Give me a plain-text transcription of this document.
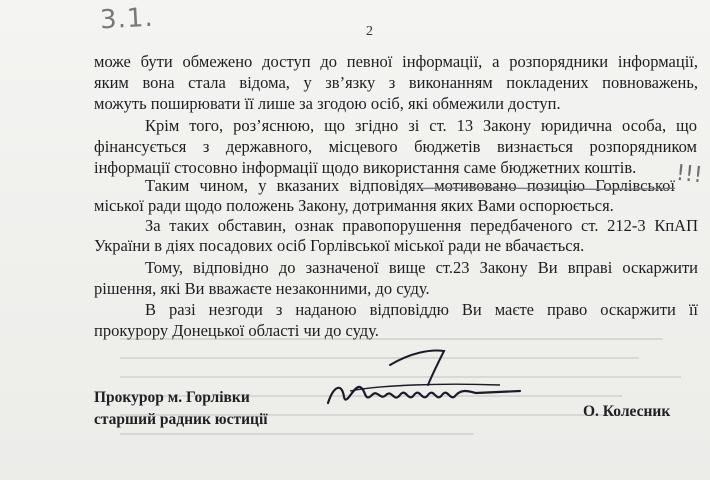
3.1.	2
може бути обмежено доступ до певної інформації, а розпорядники інформації,
яким вона стала відома, у зв’язку з виконанням покладених повноважень,
можуть поширювати її лише за згодою осіб, які обмежили доступ.
Крім того, роз’яснюю, що згідно зі ст. 13 Закону юридична особа, що
фінансується з державного, місцевого бюджетів визнається розпорядником
інформації стосовно інформації щодо використання саме бюджетних коштів.
Таким чином, у вказаних відповідях мотивовано позицію Горлівської
міської ради щодо положень Закону, дотримання яких Вами оспорюється.
!!!
За таких обставин, ознак правопорушення передбаченого ст. 212-3 КпАП
України в діях посадових осіб Горлівської міської ради не вбачається.
Тому, відповідно до зазначеної вище ст.23 Закону Ви вправі оскаржити
рішення, які Ви вважаєте незаконними, до суду.
В разі незгоди з наданою відповіддю Ви маєте право оскаржити її
прокурору Донецької області чи до суду.
Прокурор м. Горлівки
старший радник юстиції	О. Колесник
